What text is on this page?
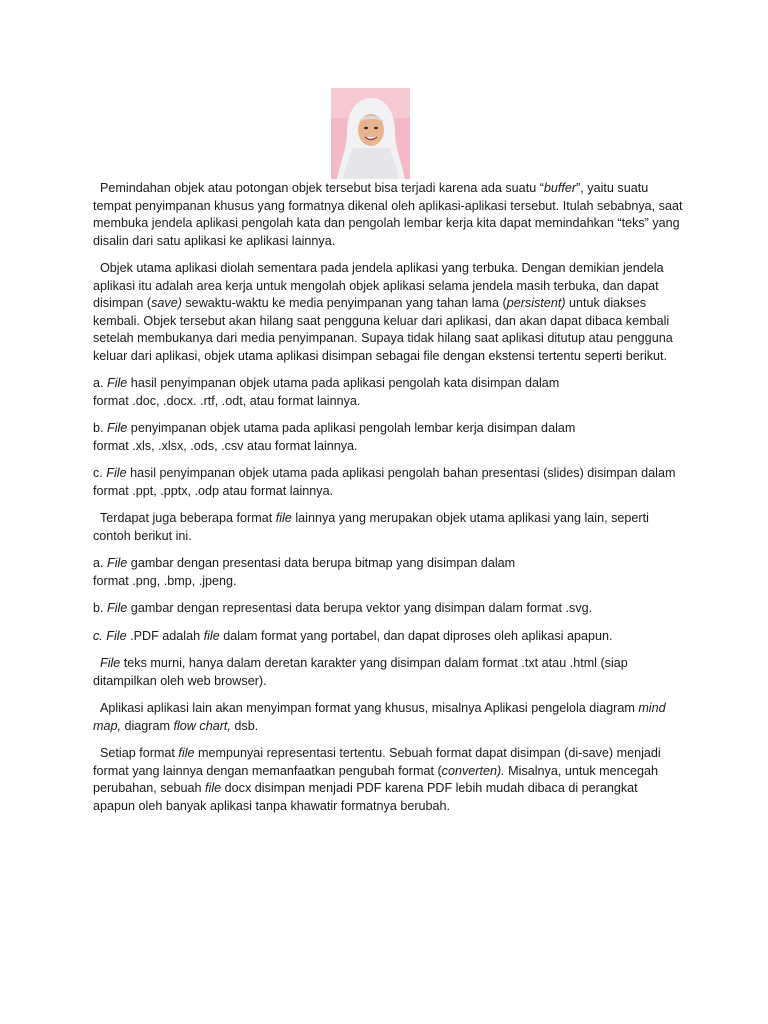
Pemindahan objek atau potongan objek tersebut bisa terjadi karena ada suatu “buffer”, yaitu suatu tempat penyimpanan khusus yang formatnya dikenal oleh aplikasi-aplikasi tersebut. Itulah sebabnya, saat membuka jendela aplikasi pengolah kata dan pengolah lembar kerja kita dapat memindahkan “teks” yang disalin dari satu aplikasi ke aplikasi lainnya.

Objek utama aplikasi diolah sementara pada jendela aplikasi yang terbuka. Dengan demikian jendela aplikasi itu adalah area kerja untuk mengolah objek aplikasi selama jendela masih terbuka, dan dapat disimpan (save) sewaktu-waktu ke media penyimpanan yang tahan lama (persistent) untuk diakses kembali. Objek tersebut akan hilang saat pengguna keluar dari aplikasi, dan akan dapat dibaca kembali setelah membukanya dari media penyimpanan. Supaya tidak hilang saat aplikasi ditutup atau pengguna keluar dari aplikasi, objek utama aplikasi disimpan sebagai file dengan ekstensi tertentu seperti berikut.

a. File hasil penyimpanan objek utama pada aplikasi pengolah kata disimpan dalam
format .doc, .docx. .rtf, .odt, atau format lainnya.

b. File penyimpanan objek utama pada aplikasi pengolah lembar kerja disimpan dalam
format .xls, .xlsx, .ods, .csv atau format lainnya.

c. File hasil penyimpanan objek utama pada aplikasi pengolah bahan presentasi (slides) disimpan dalam format .ppt, .pptx, .odp atau format lainnya.

Terdapat juga beberapa format file lainnya yang merupakan objek utama aplikasi yang lain, seperti contoh berikut ini.

a. File gambar dengan presentasi data berupa bitmap yang disimpan dalam
format .png, .bmp, .jpeng.

b. File gambar dengan representasi data berupa vektor yang disimpan dalam format .svg.

c. File .PDF adalah file dalam format yang portabel, dan dapat diproses oleh aplikasi apapun.

File teks murni, hanya dalam deretan karakter yang disimpan dalam format .txt atau .html (siap ditampilkan oleh web browser).

Aplikasi aplikasi lain akan menyimpan format yang khusus, misalnya Aplikasi pengelola diagram mind map, diagram flow chart, dsb.

Setiap format file mempunyai representasi tertentu. Sebuah format dapat disimpan (di-save) menjadi format yang lainnya dengan memanfaatkan pengubah format (converten). Misalnya, untuk mencegah perubahan, sebuah file docx disimpan menjadi PDF karena PDF lebih mudah dibaca di perangkat apapun oleh banyak aplikasi tanpa khawatir formatnya berubah.
